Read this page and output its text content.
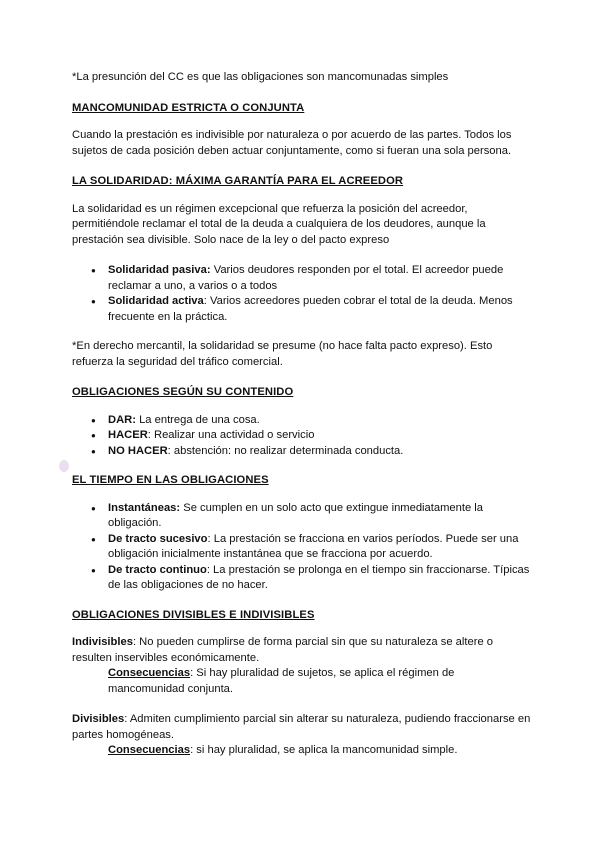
*La presunción del CC es que las obligaciones son mancomunadas simples

MANCOMUNIDAD ESTRICTA O CONJUNTA

Cuando la prestación es indivisible por naturaleza o por acuerdo de las partes. Todos los sujetos de cada posición deben actuar conjuntamente, como si fueran una sola persona.

LA SOLIDARIDAD: MÁXIMA GARANTÍA PARA EL ACREEDOR

La solidaridad es un régimen excepcional que refuerza la posición del acreedor, permitiéndole reclamar el total de la deuda a cualquiera de los deudores, aunque la prestación sea divisible. Solo nace de la ley o del pacto expreso

● Solidaridad pasiva: Varios deudores responden por el total. El acreedor puede reclamar a uno, a varios o a todos
● Solidaridad activa: Varios acreedores pueden cobrar el total de la deuda. Menos frecuente en la práctica.

*En derecho mercantil, la solidaridad se presume (no hace falta pacto expreso). Esto refuerza la seguridad del tráfico comercial.

OBLIGACIONES SEGÚN SU CONTENIDO

● DAR: La entrega de una cosa.
● HACER: Realizar una actividad o servicio
● NO HACER: abstención: no realizar determinada conducta.

EL TIEMPO EN LAS OBLIGACIONES

● Instantáneas: Se cumplen en un solo acto que extingue inmediatamente la obligación.
● De tracto sucesivo: La prestación se fracciona en varios períodos. Puede ser una obligación inicialmente instantánea que se fracciona por acuerdo.
● De tracto continuo: La prestación se prolonga en el tiempo sin fraccionarse. Típicas de las obligaciones de no hacer.

OBLIGACIONES DIVISIBLES E INDIVISIBLES

Indivisibles: No pueden cumplirse de forma parcial sin que su naturaleza se altere o resulten inservibles económicamente.

Consecuencias: Si hay pluralidad de sujetos, se aplica el régimen de mancomunidad conjunta.

Divisibles: Admiten cumplimiento parcial sin alterar su naturaleza, pudiendo fraccionarse en partes homogéneas.

Consecuencias: si hay pluralidad, se aplica la mancomunidad simple.
